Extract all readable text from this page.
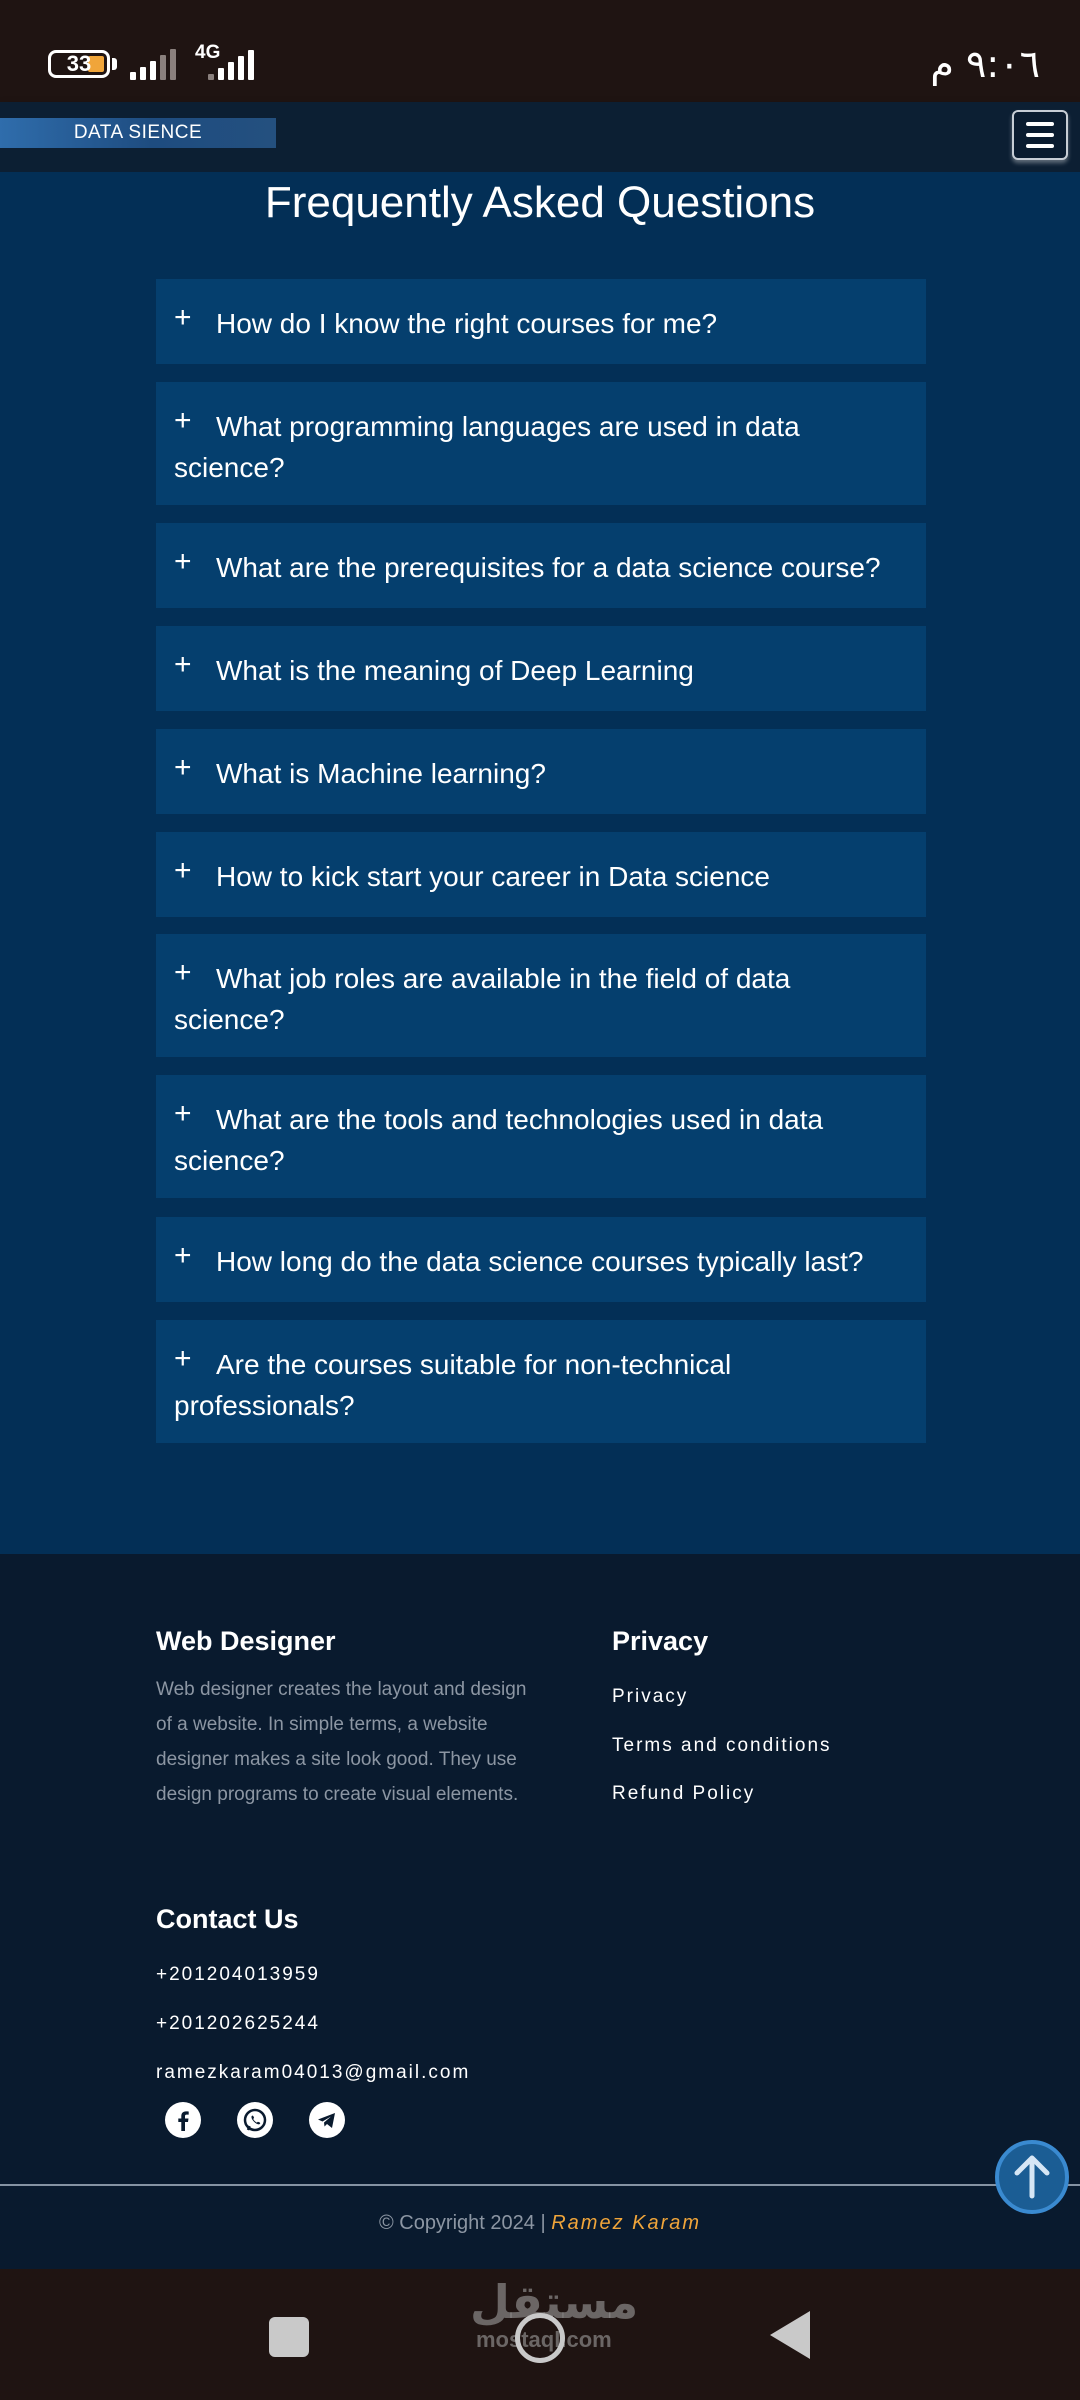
33	4G	٩:٠٦ م
DATA SIENCE
Frequently Asked Questions
+ How do I know the right courses for me?
+ What programming languages are used in data science?
+ What are the prerequisites for a data science course?
+ What is the meaning of Deep Learning
+ What is Machine learning?
+ How to kick start your career in Data science
+ What job roles are available in the field of data science?
+ What are the tools and technologies used in data science?
+ How long do the data science courses typically last?
+ Are the courses suitable for non-technical professionals?
Web Designer

Web designer creates the layout and design of a website. In simple terms, a website designer makes a site look good. They use design programs to create visual elements.

Privacy
Privacy
Terms and conditions
Refund Policy
Contact Us
+201204013959
+201202625244
ramezkaram04013@gmail.com
© Copyright 2024 | Ramez Karam
مستقل
mostaql.com
